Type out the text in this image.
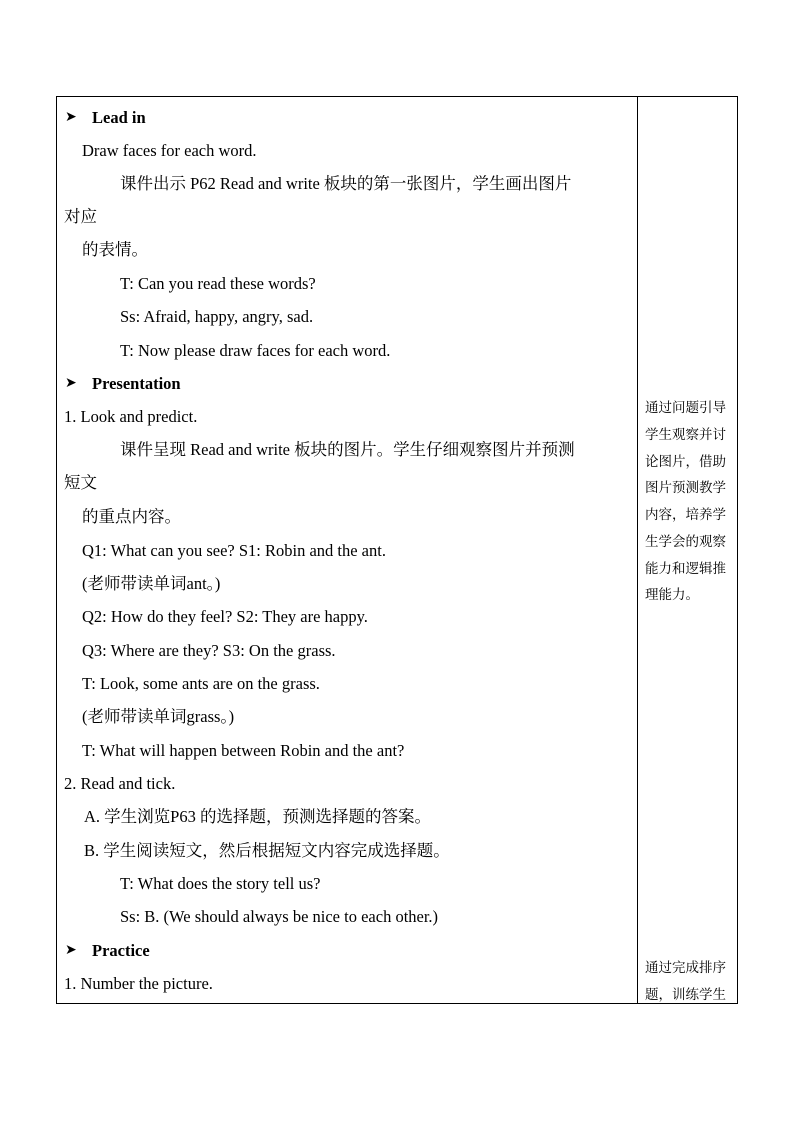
➤ Lead in
Draw faces for each word.
课件出示 P62 Read and write 板块的第一张图片，学生画出图片
对应
的表情。
T: Can you read these words?
Ss: Afraid, happy, angry, sad.
T: Now please draw faces for each word.
➤ Presentation
1. Look and predict.
课件呈现 Read and write 板块的图片。学生仔细观察图片并预测
短文
的重点内容。
Q1: What can you see? S1: Robin and the ant.
(老师带读单词ant。)
Q2: How do they feel? S2: They are happy.
Q3: Where are they? S3: On the grass.
T: Look, some ants are on the grass.
(老师带读单词grass。)
T: What will happen between Robin and the ant?
2. Read and tick.
A. 学生浏览P63 的选择题，预测选择题的答案。
B. 学生阅读短文，然后根据短文内容完成选择题。
T: What does the story tell us?
Ss: B. (We should always be nice to each other.)
➤ Practice
1. Number the picture.
通过问题引导
学生观察并讨
论图片，借助
图片预测教学
内容，培养学
生学会的观察
能力和逻辑推
理能力。
通过完成排序
题，训练学生
